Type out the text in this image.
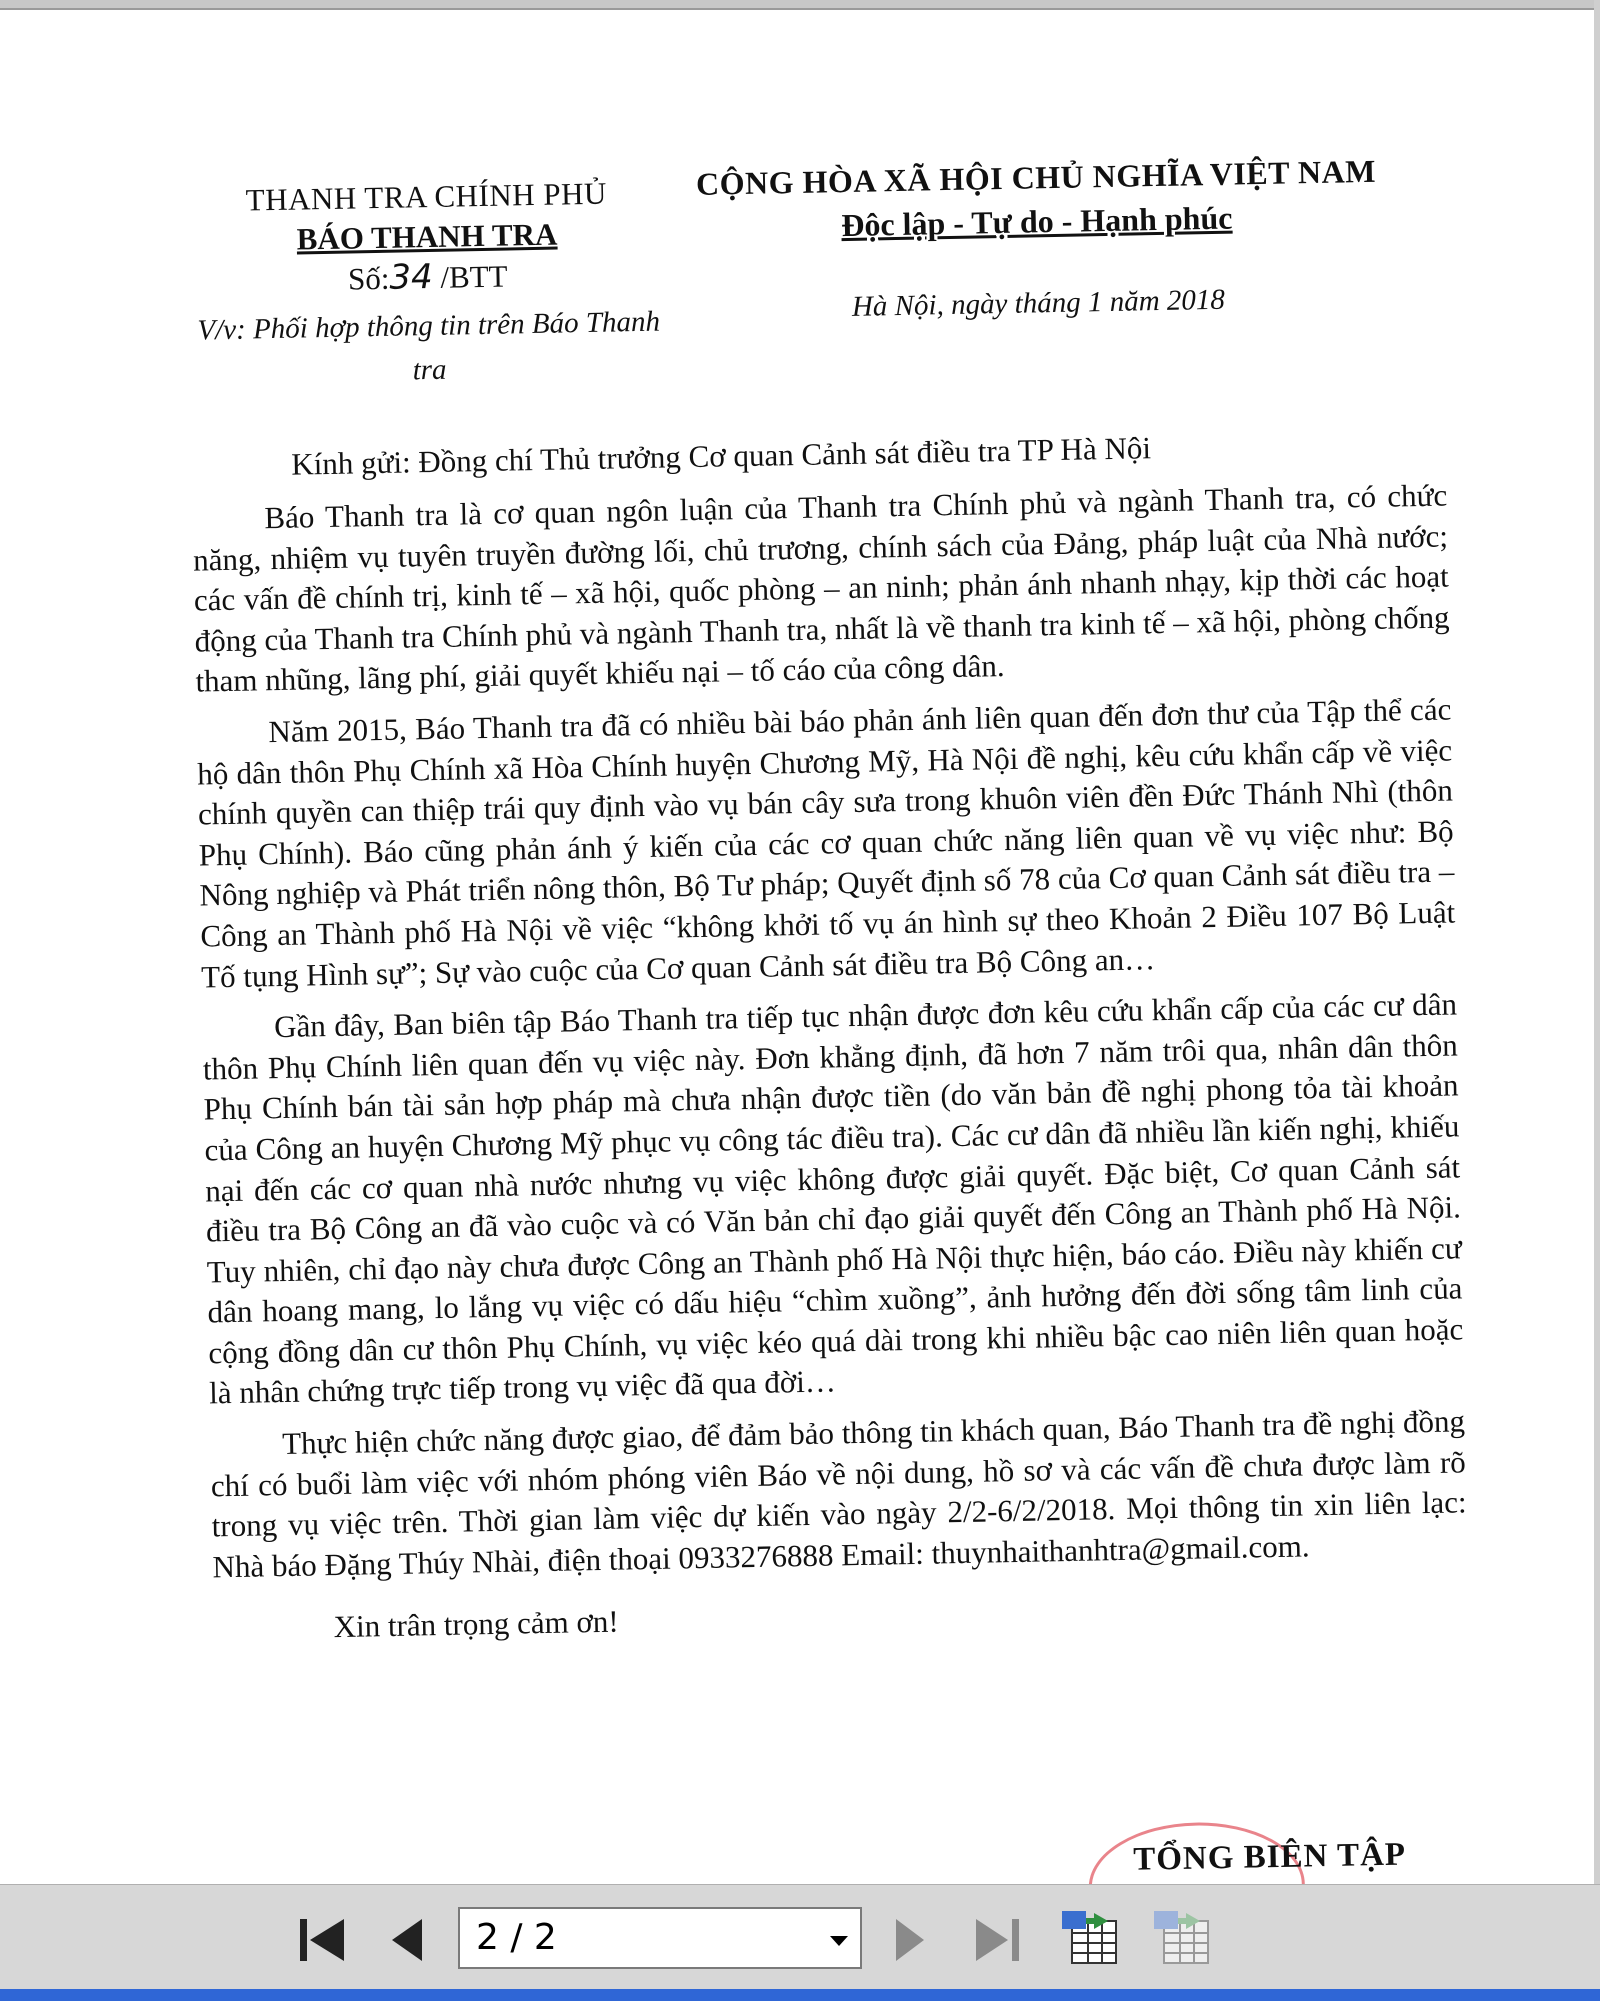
THANH TRA CHÍNH PHỦ
BÁO THANH TRA
Số:34 /BTT
V/v: Phối hợp thông tin trên Báo Thanh tra
CỘNG HÒA XÃ HỘI CHỦ NGHĨA VIỆT NAM
Độc lập - Tự do - Hạnh phúc
Hà Nội, ngày tháng 1 năm 2018
Kính gửi: Đồng chí Thủ trưởng Cơ quan Cảnh sát điều tra TP Hà Nội

Báo Thanh tra là cơ quan ngôn luận của Thanh tra Chính phủ và ngành Thanh tra, có chức năng, nhiệm vụ tuyên truyền đường lối, chủ trương, chính sách của Đảng, pháp luật của Nhà nước; các vấn đề chính trị, kinh tế – xã hội, quốc phòng – an ninh; phản ánh nhanh nhạy, kịp thời các hoạt động của Thanh tra Chính phủ và ngành Thanh tra, nhất là về thanh tra kinh tế – xã hội, phòng chống tham nhũng, lãng phí, giải quyết khiếu nại – tố cáo của công dân.

Năm 2015, Báo Thanh tra đã có nhiều bài báo phản ánh liên quan đến đơn thư của Tập thể các hộ dân thôn Phụ Chính xã Hòa Chính huyện Chương Mỹ, Hà Nội đề nghị, kêu cứu khẩn cấp về việc chính quyền can thiệp trái quy định vào vụ bán cây sưa trong khuôn viên đền Đức Thánh Nhì (thôn Phụ Chính). Báo cũng phản ánh ý kiến của các cơ quan chức năng liên quan về vụ việc như: Bộ Nông nghiệp và Phát triển nông thôn, Bộ Tư pháp; Quyết định số 78 của Cơ quan Cảnh sát điều tra – Công an Thành phố Hà Nội về việc “không khởi tố vụ án hình sự theo Khoản 2 Điều 107 Bộ Luật Tố tụng Hình sự”; Sự vào cuộc của Cơ quan Cảnh sát điều tra Bộ Công an…

Gần đây, Ban biên tập Báo Thanh tra tiếp tục nhận được đơn kêu cứu khẩn cấp của các cư dân thôn Phụ Chính liên quan đến vụ việc này. Đơn khẳng định, đã hơn 7 năm trôi qua, nhân dân thôn Phụ Chính bán tài sản hợp pháp mà chưa nhận được tiền (do văn bản đề nghị phong tỏa tài khoản của Công an huyện Chương Mỹ phục vụ công tác điều tra). Các cư dân đã nhiều lần kiến nghị, khiếu nại đến các cơ quan nhà nước nhưng vụ việc không được giải quyết. Đặc biệt, Cơ quan Cảnh sát điều tra Bộ Công an đã vào cuộc và có Văn bản chỉ đạo giải quyết đến Công an Thành phố Hà Nội. Tuy nhiên, chỉ đạo này chưa được Công an Thành phố Hà Nội thực hiện, báo cáo. Điều này khiến cư dân hoang mang, lo lắng vụ việc có dấu hiệu “chìm xuồng”, ảnh hưởng đến đời sống tâm linh của cộng đồng dân cư thôn Phụ Chính, vụ việc kéo quá dài trong khi nhiều bậc cao niên liên quan hoặc là nhân chứng trực tiếp trong vụ việc đã qua đời…

Thực hiện chức năng được giao, để đảm bảo thông tin khách quan, Báo Thanh tra đề nghị đồng chí có buổi làm việc với nhóm phóng viên Báo về nội dung, hồ sơ và các vấn đề chưa được làm rõ trong vụ việc trên. Thời gian làm việc dự kiến vào ngày 2/2-6/2/2018. Mọi thông tin xin liên lạc: Nhà báo Đặng Thúy Nhài, điện thoại 0933276888 Email: thuynhaithanhtra@gmail.com.

Xin trân trọng cảm ơn!

TỔNG BIÊN TẬP
2 / 2
